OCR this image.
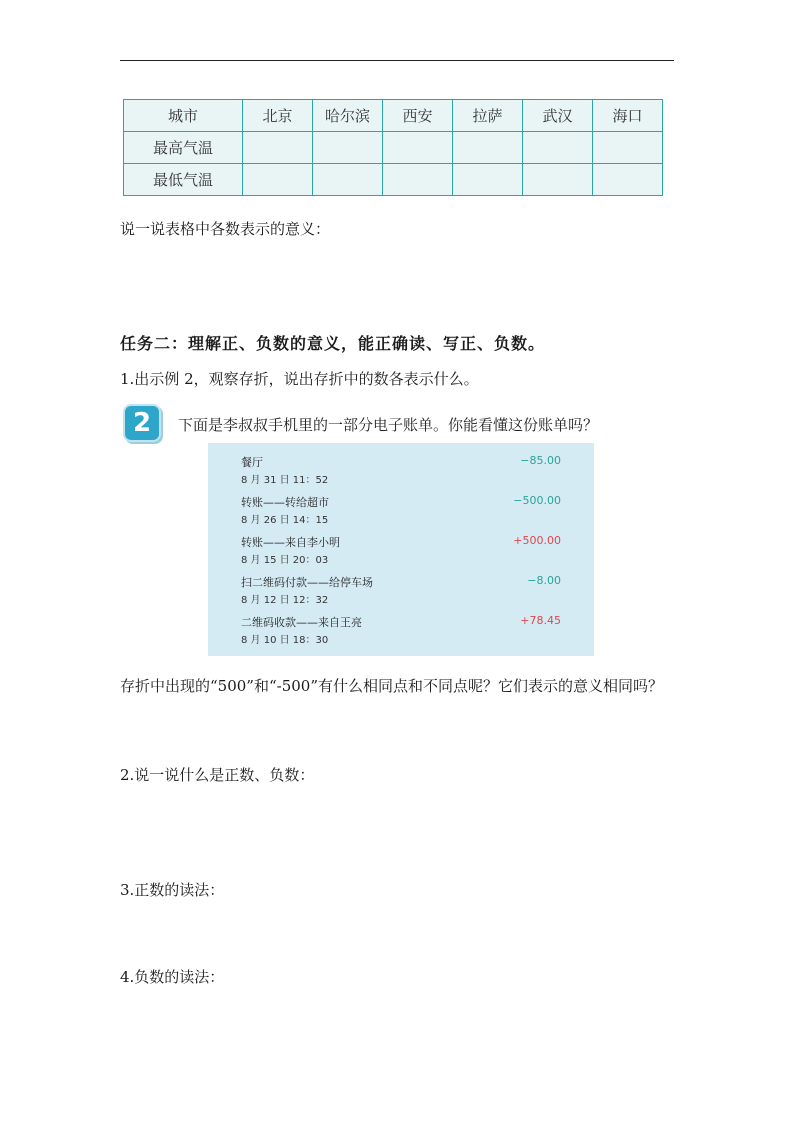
城市	北京	哈尔滨	西安	拉萨	武汉	海口
最高气温						
最低气温						
说一说表格中各数表示的意义：
任务二：理解正、负数的意义，能正确读、写正、负数。
1.出示例 2，观察存折，说出存折中的数各表示什么。
2	下面是李叔叔手机里的一部分电子账单。你能看懂这份账单吗？
餐厅
8 月 31 日 11：52
−85.00
转账——转给超市
8 月 26 日 14：15
−500.00
转账——来自李小明
8 月 15 日 20：03
+500.00
扫二维码付款——给停车场
8 月 12 日 12：32
−8.00
二维码收款——来自王亮
8 月 10 日 18：30
+78.45
存折中出现的“500”和“-500”有什么相同点和不同点呢？它们表示的意义相同吗？
2.说一说什么是正数、负数：
3.正数的读法：
4.负数的读法：
